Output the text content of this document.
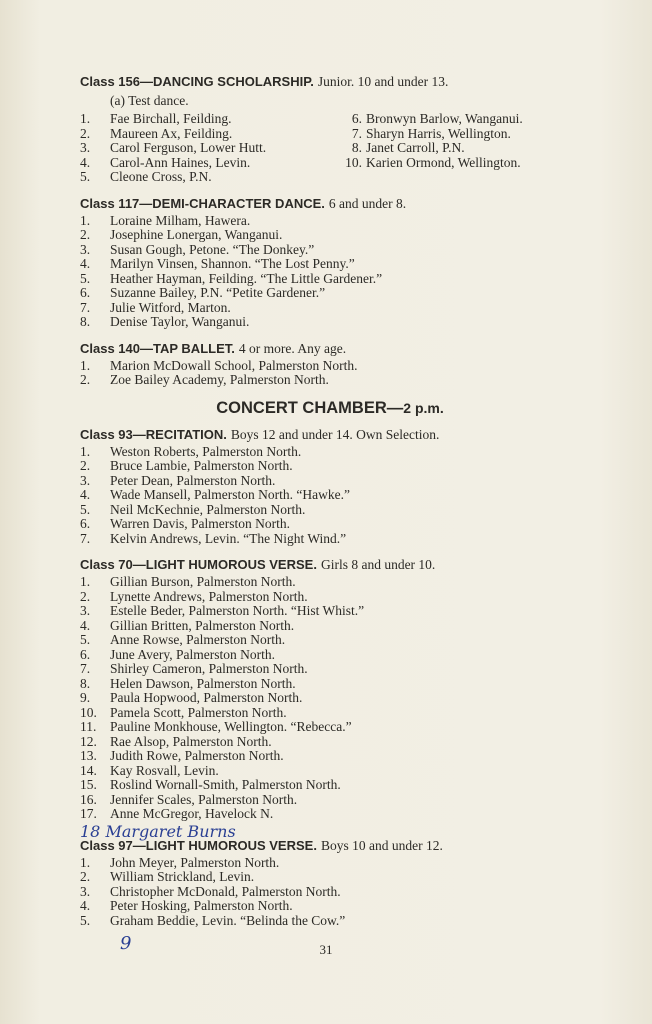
Class 156—DANCING SCHOLARSHIP. Junior. 10 and under 13.

(a) Test dance.
1.	Fae Birchall, Feilding.
2.	Maureen Ax, Feilding.
3.	Carol Ferguson, Lower Hutt.
4.	Carol-Ann Haines, Levin.
5.	Cleone Cross, P.N.
6. Bronwyn Barlow, Wanganui.
7. Sharyn Harris, Wellington.
8. Janet Carroll, P.N.
10. Karien Ormond, Wellington.

Class 117—DEMI-CHARACTER DANCE. 6 and under 8.

1.	Loraine Milham, Hawera.
2.	Josephine Lonergan, Wanganui.
3.	Susan Gough, Petone. “The Donkey.”
4.	Marilyn Vinsen, Shannon. “The Lost Penny.”
5.	Heather Hayman, Feilding. “The Little Gardener.”
6.	Suzanne Bailey, P.N. “Petite Gardener.”
7.	Julie Witford, Marton.
8.	Denise Taylor, Wanganui.

Class 140—TAP BALLET. 4 or more. Any age.

1.	Marion McDowall School, Palmerston North.
2.	Zoe Bailey Academy, Palmerston North.
CONCERT CHAMBER—2 p.m.

Class 93—RECITATION. Boys 12 and under 14. Own Selection.

1.	Weston Roberts, Palmerston North.
2.	Bruce Lambie, Palmerston North.
3.	Peter Dean, Palmerston North.
4.	Wade Mansell, Palmerston North. “Hawke.”
5.	Neil McKechnie, Palmerston North.
6.	Warren Davis, Palmerston North.
7.	Kelvin Andrews, Levin. “The Night Wind.”

Class 70—LIGHT HUMOROUS VERSE. Girls 8 and under 10.

1.	Gillian Burson, Palmerston North.
2.	Lynette Andrews, Palmerston North.
3.	Estelle Beder, Palmerston North. “Hist Whist.”
4.	Gillian Britten, Palmerston North.
5.	Anne Rowse, Palmerston North.
6.	June Avery, Palmerston North.
7.	Shirley Cameron, Palmerston North.
8.	Helen Dawson, Palmerston North.
9.	Paula Hopwood, Palmerston North.
10. Pamela Scott, Palmerston North.
11.	Pauline Monkhouse, Wellington. “Rebecca.”
12. Rae Alsop, Palmerston North.
13. Judith Rowe, Palmerston North.
14. Kay Rosvall, Levin.
15. Roslind Wornall-Smith, Palmerston North.
16. Jennifer Scales, Palmerston North.
17. Anne McGregor, Havelock N.

Class 97—LIGHT HUMOROUS VERSE. Boys 10 and under 12.

1.	John Meyer, Palmerston North.
2.	William Strickland, Levin.
3.	Christopher McDonald, Palmerston North.
4.	Peter Hosking, Palmerston North.
5.	Graham Beddie, Levin. “Belinda the Cow.”
18 Margaret Burns
9	31
